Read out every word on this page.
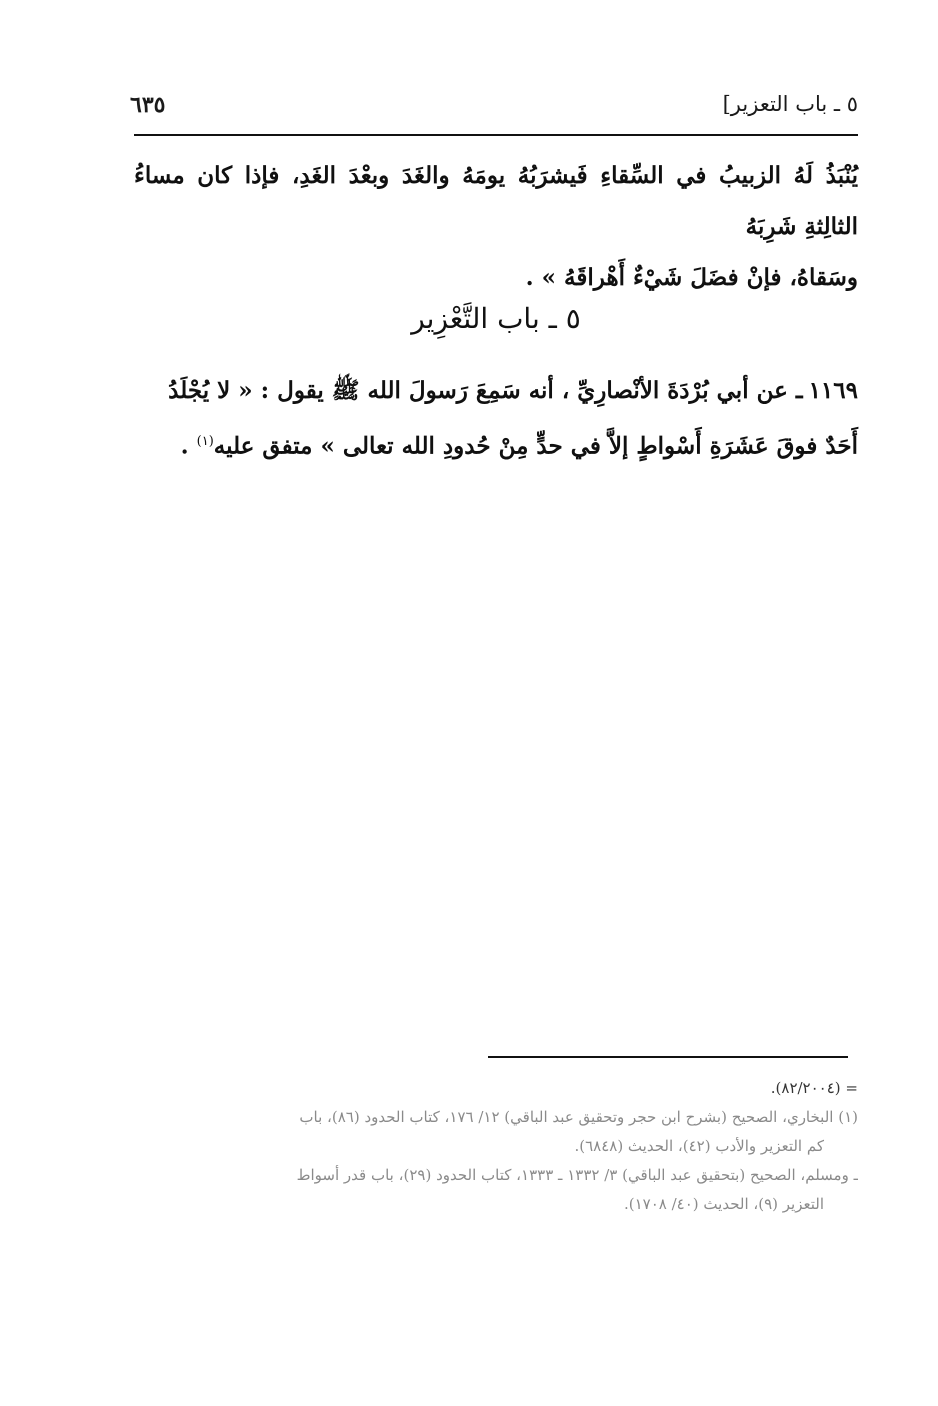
٥ ـ باب التعزير]
٦٣٥
يُنْبَذُ لَهُ الزبيبُ في السِّقاءِ فَيشرَبُهُ يومَهُ والغَدَ وبعْدَ الغَدِ، فإذا كان مساءُ الثالِثةِ شَرِبَهُ
وسَقاهُ، فإنْ فضَلَ شَيْءٌ أَهْراقَهُ » .
٥ ـ باب التَّعْزِير
١١٦٩ـ عن أبي بُرْدَةَ الأنْصارِيِّ ، أنه سَمِعَ رَسولَ الله ﷺ يقول : « لا يُجْلَدُ
أَحَدٌ فوقَ عَشَرَةِ أَسْواطٍ إلاَّ في حدٍّ مِنْ حُدودِ الله تعالى » متفق عليه$^{(١)}$ .
= (٨٢/٢٠٠٤).
(١) البخاري، الصحيح (بشرح ابن حجر وتحقيق عبد الباقي) ١٢/ ١٧٦، كتاب الحدود (٨٦)، باب
كم التعزير والأدب (٤٢)، الحديث (٦٨٤٨).
ـ ومسلم، الصحيح (بتحقيق عبد الباقي) ٣/ ١٣٣٢ ـ ١٣٣٣، كتاب الحدود (٢٩)، باب قدر أسواط
التعزير (٩)، الحديث (٤٠/ ١٧٠٨).
